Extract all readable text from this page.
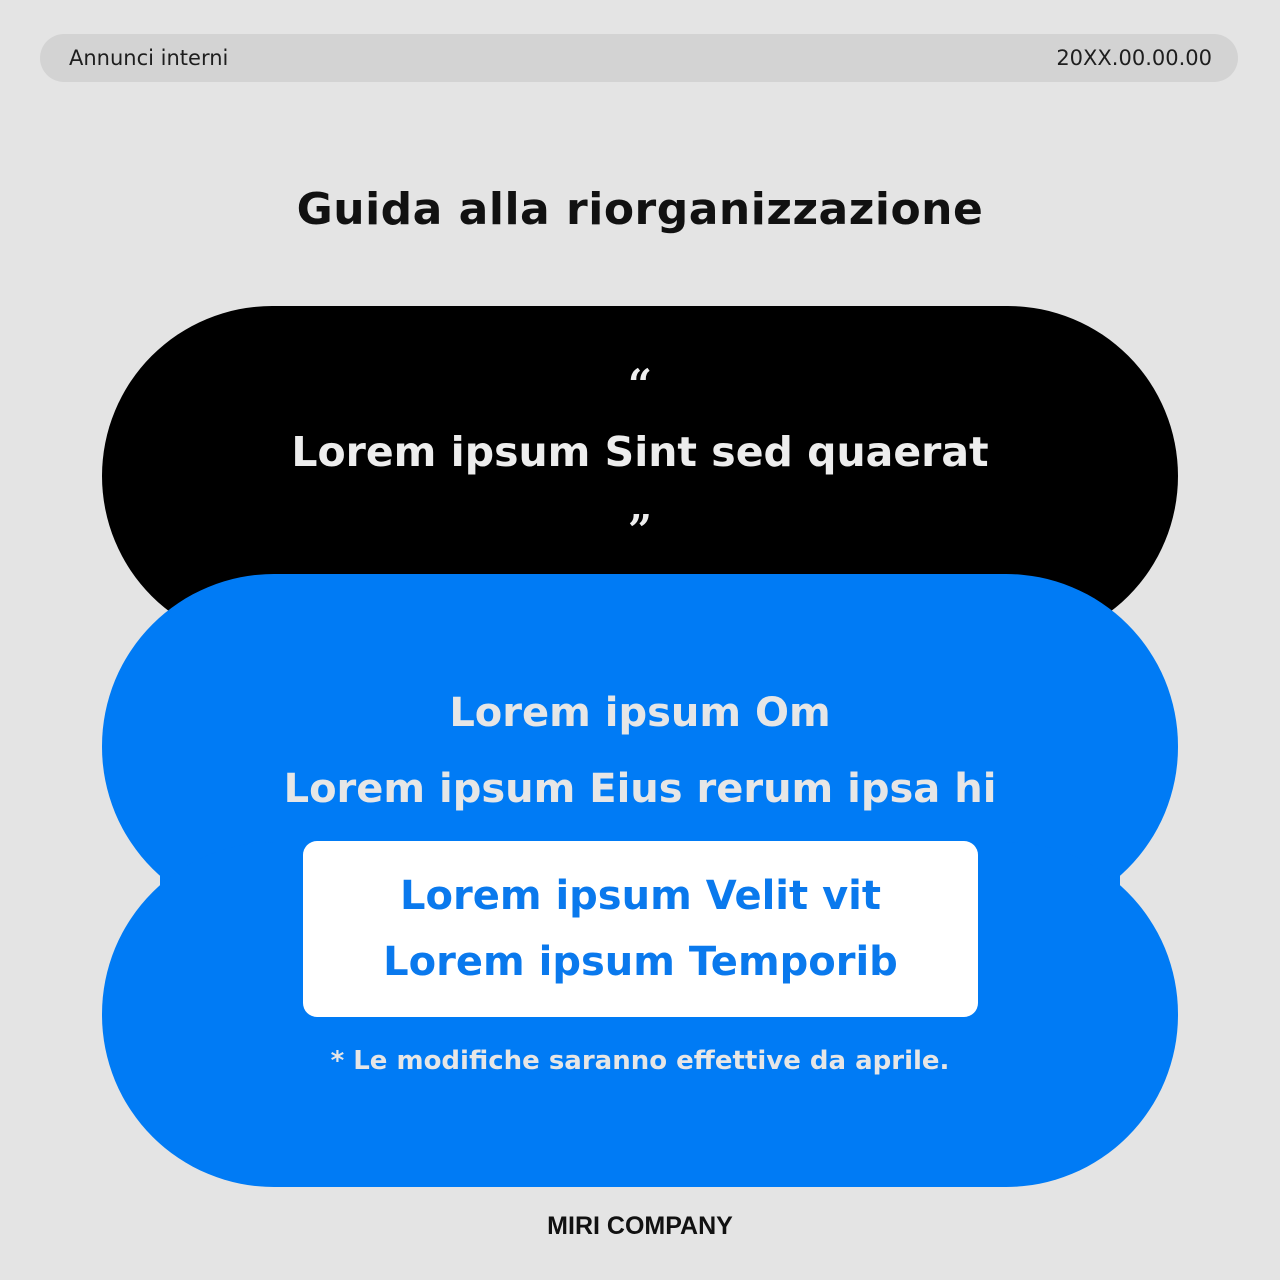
Annunci interni	20XX.00.00.00
Guida alla riorganizzazione
“
Lorem ipsum Sint sed quaerat
”
Lorem ipsum Om
Lorem ipsum Eius rerum ipsa hi
Lorem ipsum Velit vit
Lorem ipsum Temporib
* Le modifiche saranno effettive da aprile.
MIRI COMPANY
